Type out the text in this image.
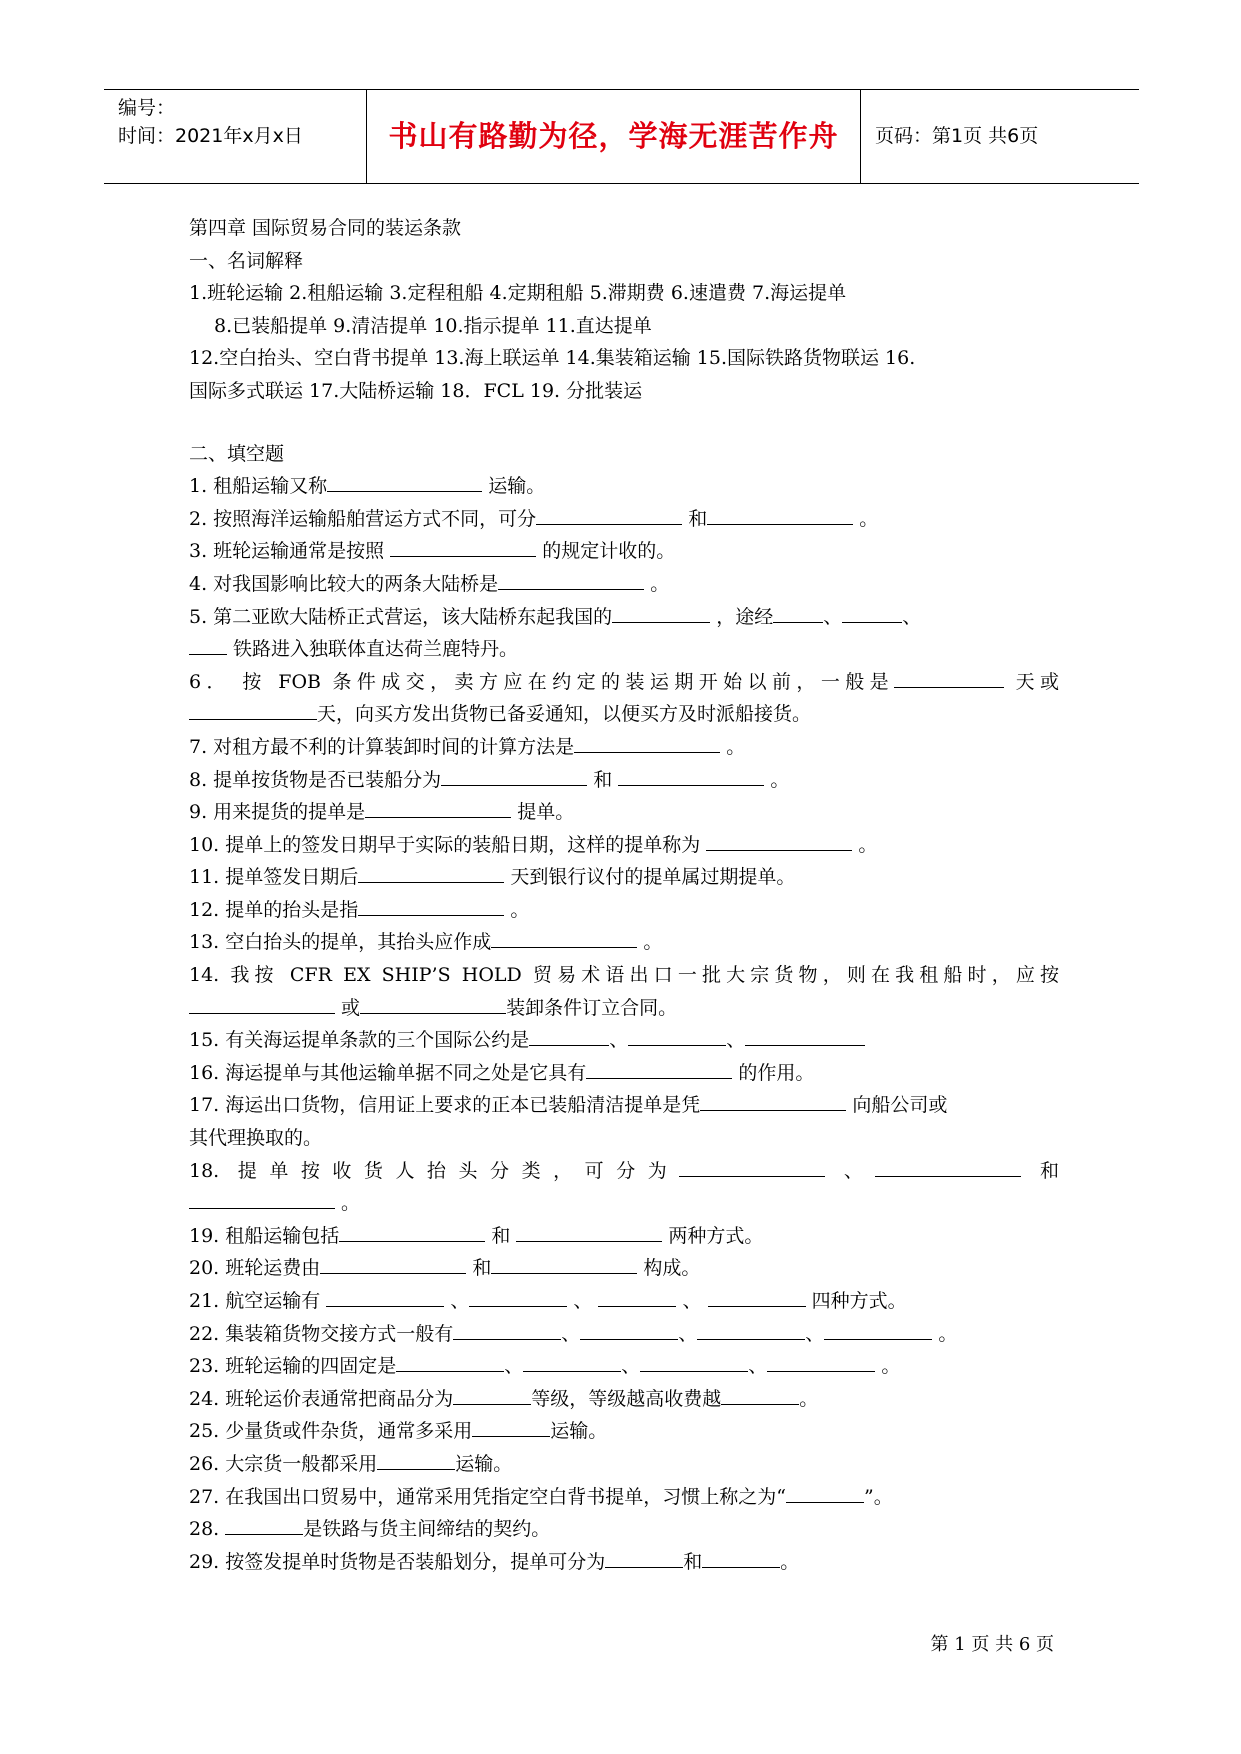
编号：
时间：2021年x月x日	书山有路勤为径，学海无涯苦作舟	页码：第1页 共6页
第四章 国际贸易合同的装运条款
一、名词解释
1.班轮运输 2.租船运输 3.定程租船 4.定期租船 5.滞期费 6.速遣费 7.海运提单
8.已装船提单 9.清洁提单 10.指示提单 11.直达提单
12.空白抬头、空白背书提单 13.海上联运单 14.集装箱运输 15.国际铁路货物联运 16.
国际多式联运 17.大陆桥运输 18．FCL 19. 分批装运
二、填空题
1. 租船运输又称	运输。
2. 按照海洋运输船舶营运方式不同，可分	和	。
3. 班轮运输通常是按照	的规定计收的。
4. 对我国影响比较大的两条大陆桥是	。
5. 第二亚欧大陆桥正式营运，该大陆桥东起我国的	，途经	、	、
铁路进入独联体直达荷兰鹿特丹。
6． 按 FOB 条件成交，卖方应在约定的装运期开始以前，一般是	天或
天，向买方发出货物已备妥通知，以便买方及时派船接货。
7. 对租方最不利的计算装卸时间的计算方法是	。
8. 提单按货物是否已装船分为	和	。
9. 用来提货的提单是	提单。
10. 提单上的签发日期早于实际的装船日期，这样的提单称为	。
11. 提单签发日期后	天到银行议付的提单属过期提单。
12. 提单的抬头是指	。
13. 空白抬头的提单，其抬头应作成	。
14. 我按 CFR EX SHIP’S HOLD 贸易术语出口一批大宗货物，则在我租船时，应按
或	装卸条件订立合同。
15. 有关海运提单条款的三个国际公约是	、	、
16. 海运提单与其他运输单据不同之处是它具有	的作用。
17. 海运出口货物，信用证上要求的正本已装船清洁提单是凭	向船公司或
其代理换取的。
18. 提单按收货人抬头分类，可分为	、	和
。
19. 租船运输包括	和	两种方式。
20. 班轮运费由	和	构成。
21. 航空运输有	、	、	、	四种方式。
22. 集装箱货物交接方式一般有	、	、	、	。
23. 班轮运输的四固定是	、	、	、	。
24. 班轮运价表通常把商品分为	等级，等级越高收费越	。
25. 少量货或件杂货，通常多采用	运输。
26. 大宗货一般都采用	运输。
27. 在我国出口贸易中，通常采用凭指定空白背书提单，习惯上称之为“	”。
28.	是铁路与货主间缔结的契约。
29. 按签发提单时货物是否装船划分，提单可分为	和	。
第 1 页 共 6 页
